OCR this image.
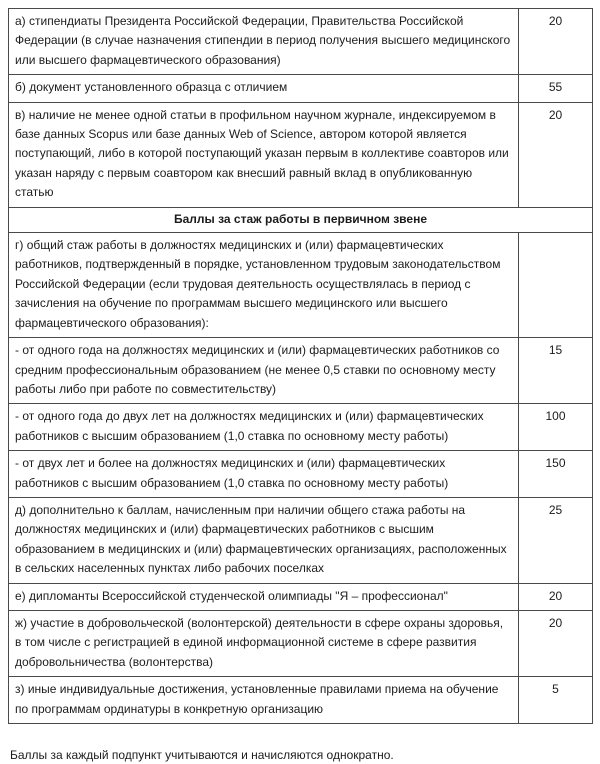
а) стипендиаты Президента Российской Федерации, Правительства Российской Федерации (в случае назначения стипендии в период получения высшего медицинского или высшего фармацевтического образования)	20
б) документ установленного образца с отличием	55
в) наличие не менее одной статьи в профильном научном журнале, индексируемом в базе данных Scopus или базе данных Web of Science, автором которой является поступающий, либо в которой поступающий указан первым в коллективе соавторов или указан наряду с первым соавтором как внесший равный вклад в опубликованную статью	20
Баллы за стаж работы в первичном звене	
г) общий стаж работы в должностях медицинских и (или) фармацевтических работников, подтвержденный в порядке, установленном трудовым законодательством Российской Федерации (если трудовая деятельность осуществлялась в период с зачисления на обучение по программам высшего медицинского или высшего фармацевтического образования):	
- от одного года на должностях медицинских и (или) фармацевтических работников со средним профессиональным образованием (не менее 0,5 ставки по основному месту работы либо при работе по совместительству)	15
- от одного года до двух лет на должностях медицинских и (или) фармацевтических работников с высшим образованием (1,0 ставка по основному месту работы)	100
- от двух лет и более на должностях медицинских и (или) фармацевтических работников с высшим образованием (1,0 ставка по основному месту работы)	150
д) дополнительно к баллам, начисленным при наличии общего стажа работы на должностях медицинских и (или) фармацевтических работников с высшим образованием в медицинских и (или) фармацевтических организациях, расположенных в сельских населенных пунктах либо рабочих поселках	25
е) дипломанты Всероссийской студенческой олимпиады "Я – профессионал"	20
ж) участие в добровольческой (волонтерской) деятельности в сфере охраны здоровья, в том числе с регистрацией в единой информационной системе в сфере развития добровольничества (волонтерства)	20
з) иные индивидуальные достижения, установленные правилами приема на обучение по программам ординатуры в конкретную организацию	5

Баллы за каждый подпункт учитываются и начисляются однократно.
